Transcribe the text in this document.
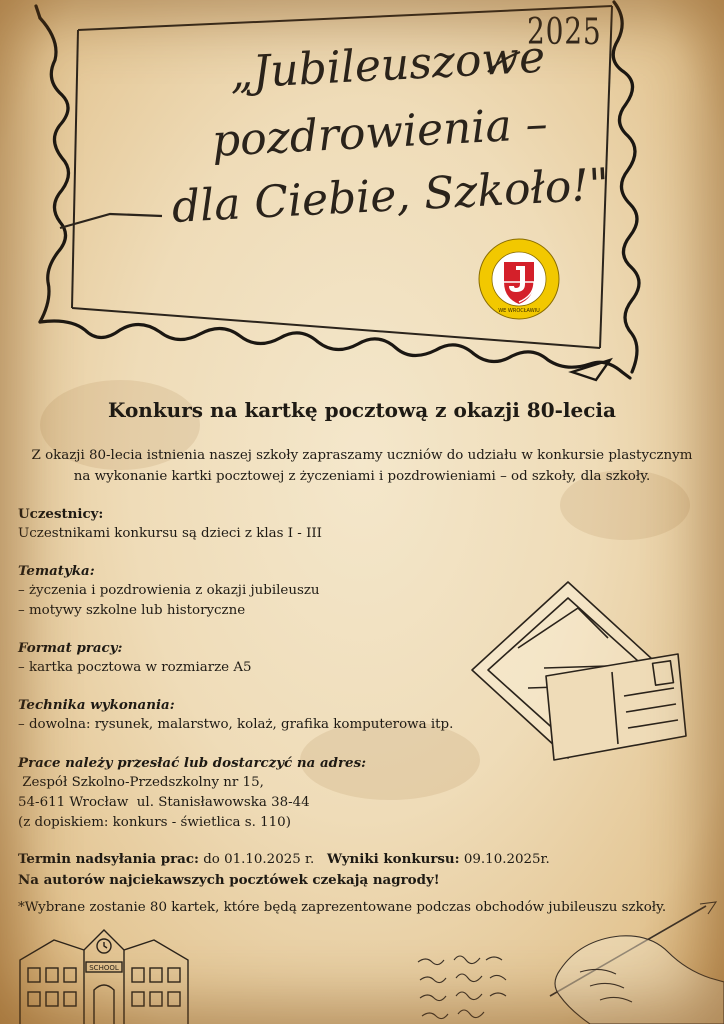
2025
„Jubileuszowe
pozdrowienia –
dla Ciebie, Szkoło!"
WE WROCŁAWIU
Konkurs na kartkę pocztową z okazji 80-lecia
Z okazji 80-lecia istnienia naszej szkoły zapraszamy uczniów do udziału w konkursie plastycznym
na wykonanie kartki pocztowej z życzeniami i pozdrowieniami – od szkoły, dla szkoły.
Uczestnicy:
Uczestnikami konkursu są dzieci z klas I - III
Tematyka:
– życzenia i pozdrowienia z okazji jubileuszu
– motywy szkolne lub historyczne
Format pracy:
– kartka pocztowa w rozmiarze A5
Technika wykonania:
– dowolna: rysunek, malarstwo, kolaż, grafika komputerowa itp.
Prace należy przesłać lub dostarczyć na adres:
Zespół Szkolno-Przedszkolny nr 15,
54-611 Wrocław  ul. Stanisławowska 38-44
(z dopiskiem: konkurs - świetlica s. 110)
Termin nadsyłania prac: do 01.10.2025 r. Wyniki konkursu: 09.10.2025r.
Na autorów najciekawszych pocztówek czekają nagrody!
*Wybrane zostanie 80 kartek, które będą zaprezentowane podczas obchodów jubileuszu szkoły.
SCHOOL
